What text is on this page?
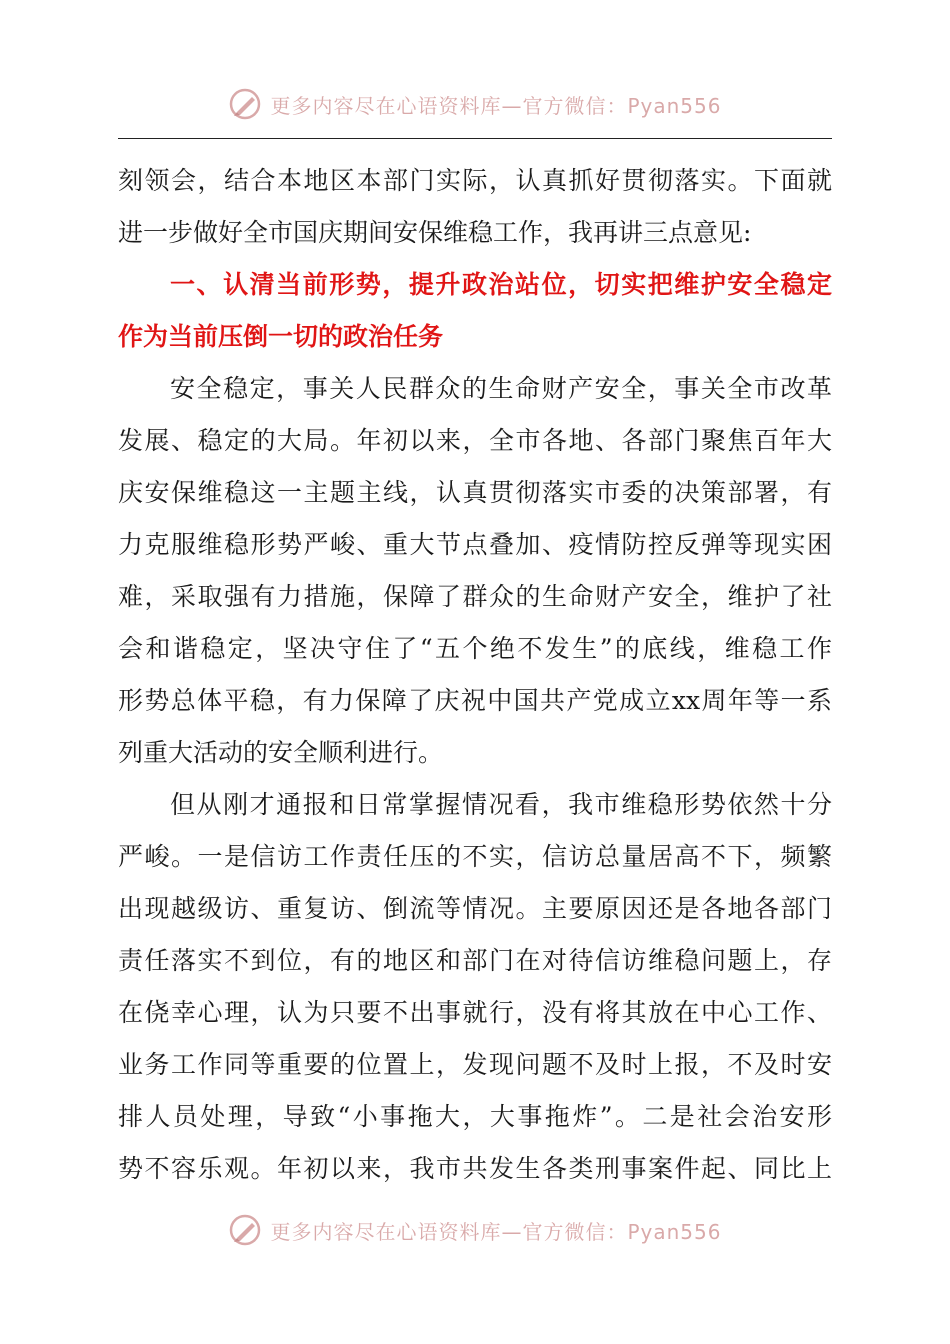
更多内容尽在心语资料库—官方微信：Pyan556
刻领会，结合本地区本部门实际，认真抓好贯彻落实。下面就
进一步做好全市国庆期间安保维稳工作，我再讲三点意见:
一、认清当前形势，提升政治站位，切实把维护安全稳定
作为当前压倒一切的政治任务
安全稳定，事关人民群众的生命财产安全，事关全市改革
发展、稳定的大局。年初以来，全市各地、各部门聚焦百年大
庆安保维稳这一主题主线，认真贯彻落实市委的决策部署，有
力克服维稳形势严峻、重大节点叠加、疫情防控反弹等现实困
难，采取强有力措施，保障了群众的生命财产安全，维护了社
会和谐稳定，坚决守住了“五个绝不发生”的底线，维稳工作
形势总体平稳，有力保障了庆祝中国共产党成立xx周年等一系
列重大活动的安全顺利进行。
但从刚才通报和日常掌握情况看，我市维稳形势依然十分
严峻。一是信访工作责任压的不实，信访总量居高不下，频繁
出现越级访、重复访、倒流等情况。主要原因还是各地各部门
责任落实不到位，有的地区和部门在对待信访维稳问题上，存
在侥幸心理，认为只要不出事就行，没有将其放在中心工作、
业务工作同等重要的位置上，发现问题不及时上报，不及时安
排人员处理，导致“小事拖大，大事拖炸”。二是社会治安形
势不容乐观。年初以来，我市共发生各类刑事案件起、同比上
更多内容尽在心语资料库—官方微信：Pyan556
